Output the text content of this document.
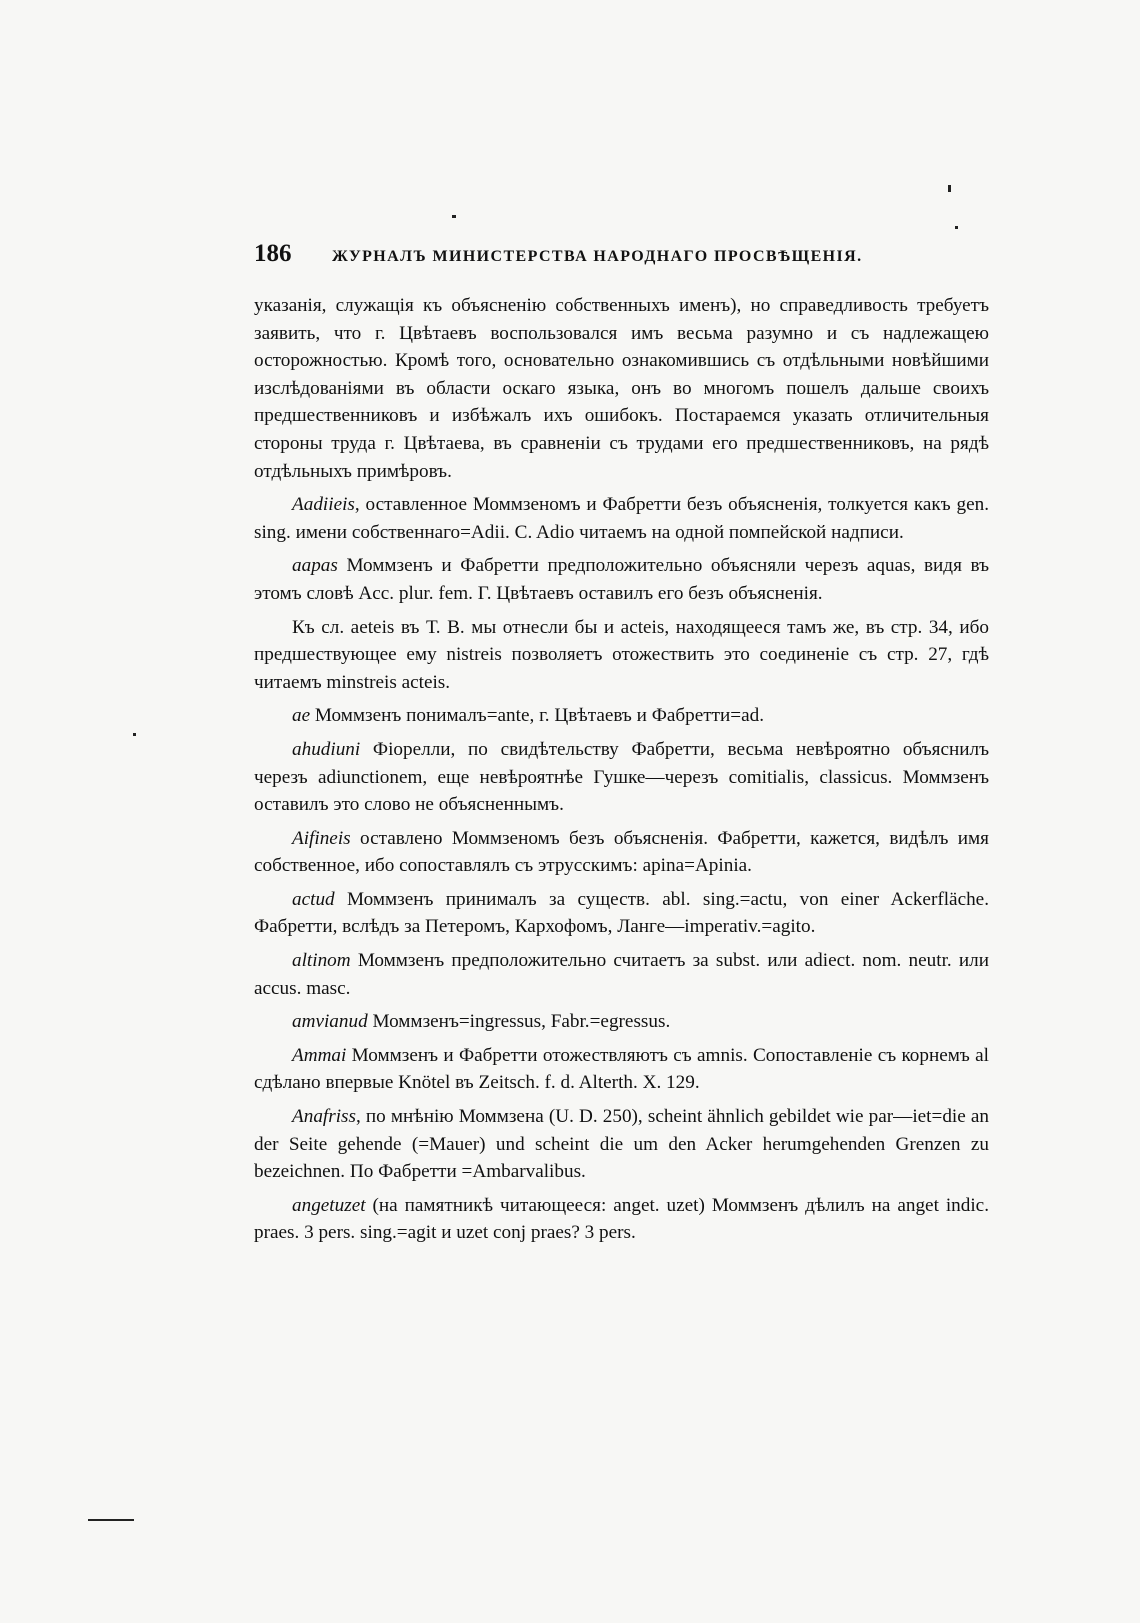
186	ЖУРНАЛЪ МИНИСТЕРСТВА НАРОДНАГО ПРОСВѢЩЕНІЯ.

указанія, служащія къ объясненію собственныхъ именъ), но справедливость требуетъ заявить, что г. Цвѣтаевъ воспользовался имъ весьма разумно и съ надлежащею осторожностью. Кромѣ того, основательно ознакомившись съ отдѣльными новѣйшими изслѣдованіями въ области оскаго языка, онъ во многомъ пошелъ дальше своихъ предшественниковъ и избѣжалъ ихъ ошибокъ. Постараемся указать отличительныя стороны труда г. Цвѣтаева, въ сравненіи съ трудами его предшественниковъ, на рядѣ отдѣльныхъ примѣровъ.

Aadiieis, оставленное Моммзеномъ и Фабретти безъ объясненія, толкуется какъ gen. sing. имени собственнаго=Adii. C. Adio читаемъ на одной помпейской надписи.

aapas Моммзенъ и Фабретти предположительно объясняли черезъ aquas, видя въ этомъ словѣ Acc. plur. fem. Г. Цвѣтаевъ оставилъ его безъ объясненія.

Къ сл. aeteis въ Т. В. мы отнесли бы и acteis, находящееся тамъ же, въ стр. 34, ибо предшествующее ему nistreis позволяетъ отожествить это соединеніе съ стр. 27, гдѣ читаемъ minstreis acteis.

ae Моммзенъ понималъ=ante, г. Цвѣтаевъ и Фабретти=ad.

ahudiuni Фіорелли, по свидѣтельству Фабретти, весьма невѣроятно объяснилъ черезъ adiunctionem, еще невѣроятнѣе Гушке—черезъ comitialis, classicus. Моммзенъ оставилъ это слово не объясненнымъ.

Aifineis оставлено Моммзеномъ безъ объясненія. Фабретти, кажется, видѣлъ имя собственное, ибо сопоставлялъ съ этрусскимъ: apina=Apinia.

actud Моммзенъ принималъ за существ. abl. sing.=actu, von einer Ackerfläche. Фабретти, вслѣдъ за Петеромъ, Кархофомъ, Ланге—imperativ.=agito.

altinom Моммзенъ предположительно считаетъ за subst. или adiect. nom. neutr. или accus. masc.

amvianud Моммзенъ=ingressus, Fabr.=egressus.

Ammai Моммзенъ и Фабретти отожествляютъ съ amnis. Сопоставленіе съ корнемъ al сдѣлано впервые Knötel въ Zeitsch. f. d. Alterth. X. 129.

Anafriss, по мнѣнію Моммзена (U. D. 250), scheint ähnlich gebildet wie par—iet=die an der Seite gehende (=Mauer) und scheint die um den Acker herumgehenden Grenzen zu bezeichnen. По Фабретти =Ambarvalibus.

angetuzet (на памятникѣ читающееся: anget. uzet) Моммзенъ дѣлилъ на anget indic. praes. 3 pers. sing.=agit и uzet conj praes? 3 pers.
